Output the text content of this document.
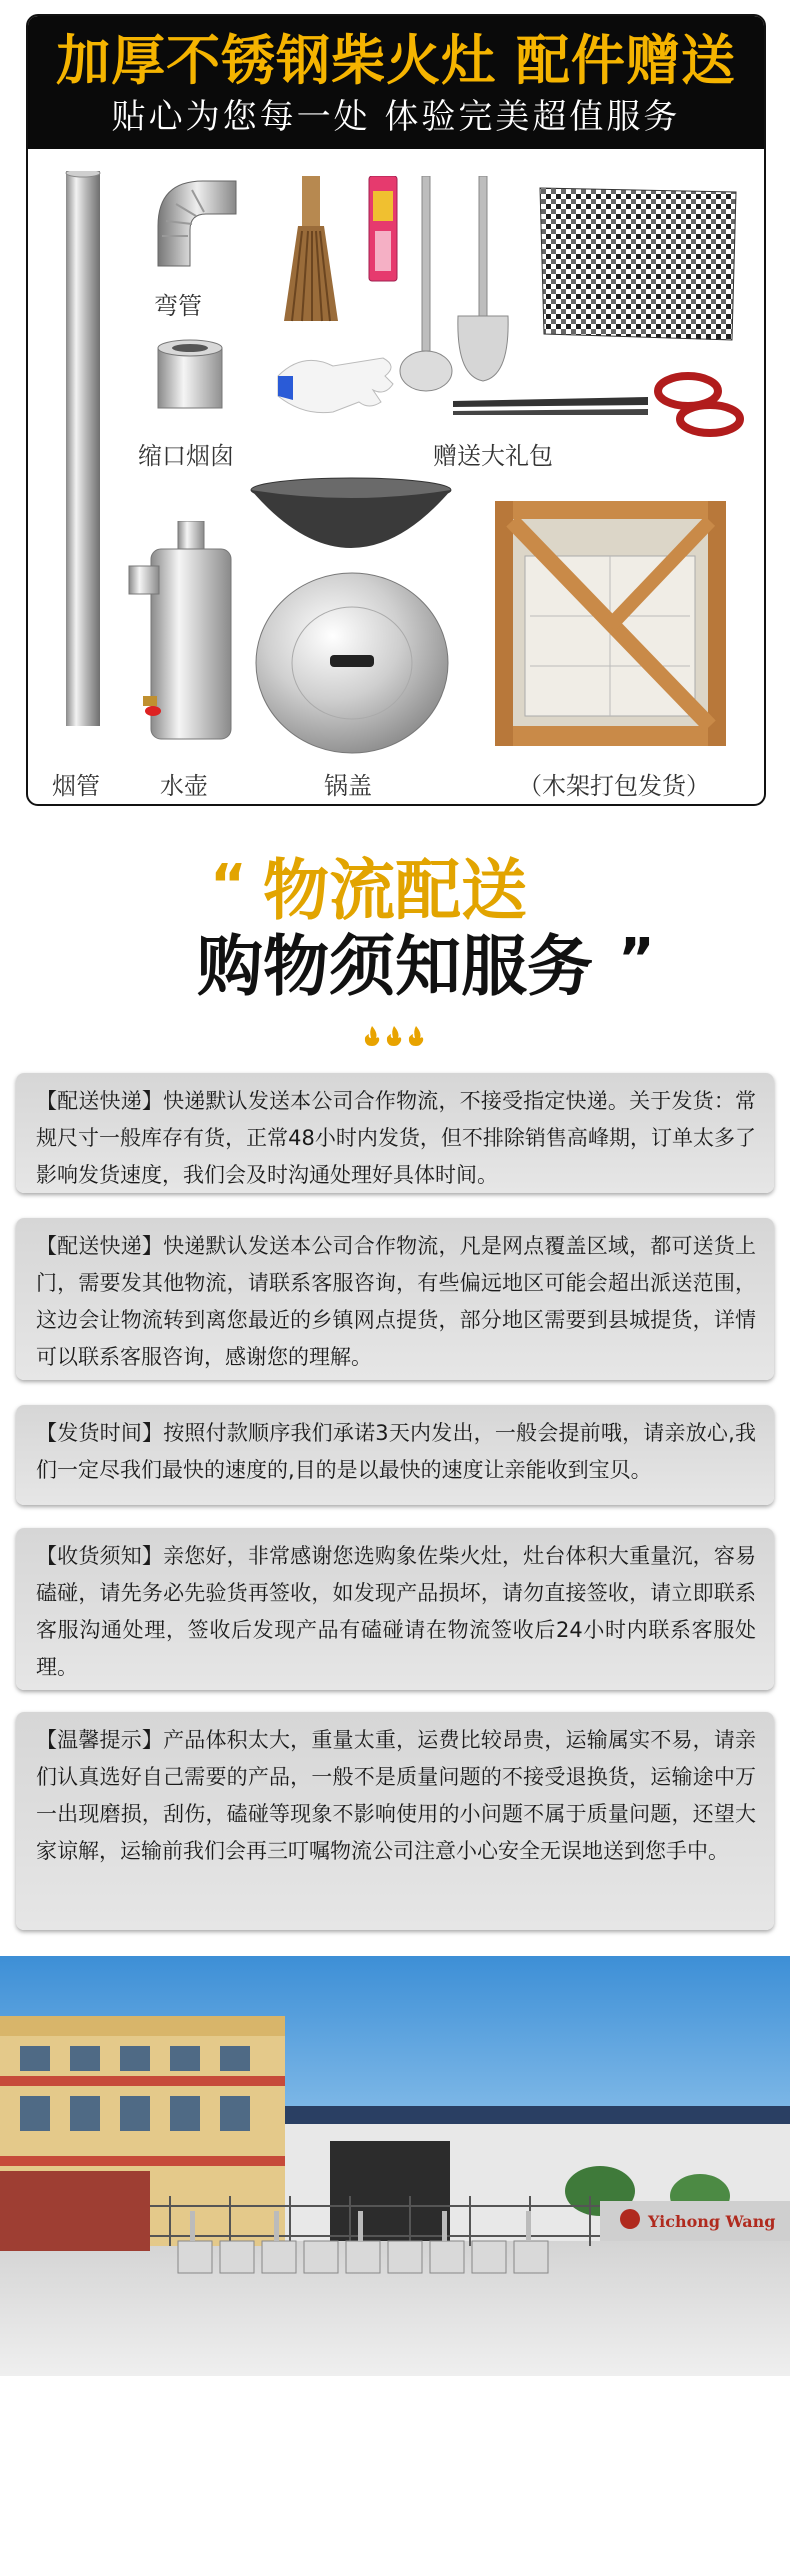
加厚不锈钢柴火灶 配件赠送
贴心为您每一处 体验完美超值服务
弯管
缩口烟囱	赠送大礼包
锅盖
烟管	水壶	（木架打包发货）
“ 物流配送
购物须知服务 ”

【配送快递】快递默认发送本公司合作物流，不接受指定快递。关于发货：常规尺寸一般库存有货，正常48小时内发货，但不排除销售高峰期，订单太多了影响发货速度，我们会及时沟通处理好具体时间。

【配送快递】快递默认发送本公司合作物流，凡是网点覆盖区域，都可送货上门，需要发其他物流，请联系客服咨询，有些偏远地区可能会超出派送范围，这边会让物流转到离您最近的乡镇网点提货，部分地区需要到县城提货，详情可以联系客服咨询，感谢您的理解。

【发货时间】按照付款顺序我们承诺3天内发出，一般会提前哦，请亲放心,我们一定尽我们最快的速度的,目的是以最快的速度让亲能收到宝贝。

【收货须知】亲您好，非常感谢您选购象佐柴火灶，灶台体积大重量沉，容易磕碰，请先务必先验货再签收，如发现产品损坏，请勿直接签收，请立即联系客服沟通处理，签收后发现产品有磕碰请在物流签收后24小时内联系客服处理。

【温馨提示】产品体积太大，重量太重，运费比较昂贵，运输属实不易，请亲们认真选好自己需要的产品，一般不是质量问题的不接受退换货，运输途中万一出现磨损，刮伤，磕碰等现象不影响使用的小问题不属于质量问题，还望大家谅解，运输前我们会再三叮嘱物流公司注意小心安全无误地送到您手中。

Yichong Wang
